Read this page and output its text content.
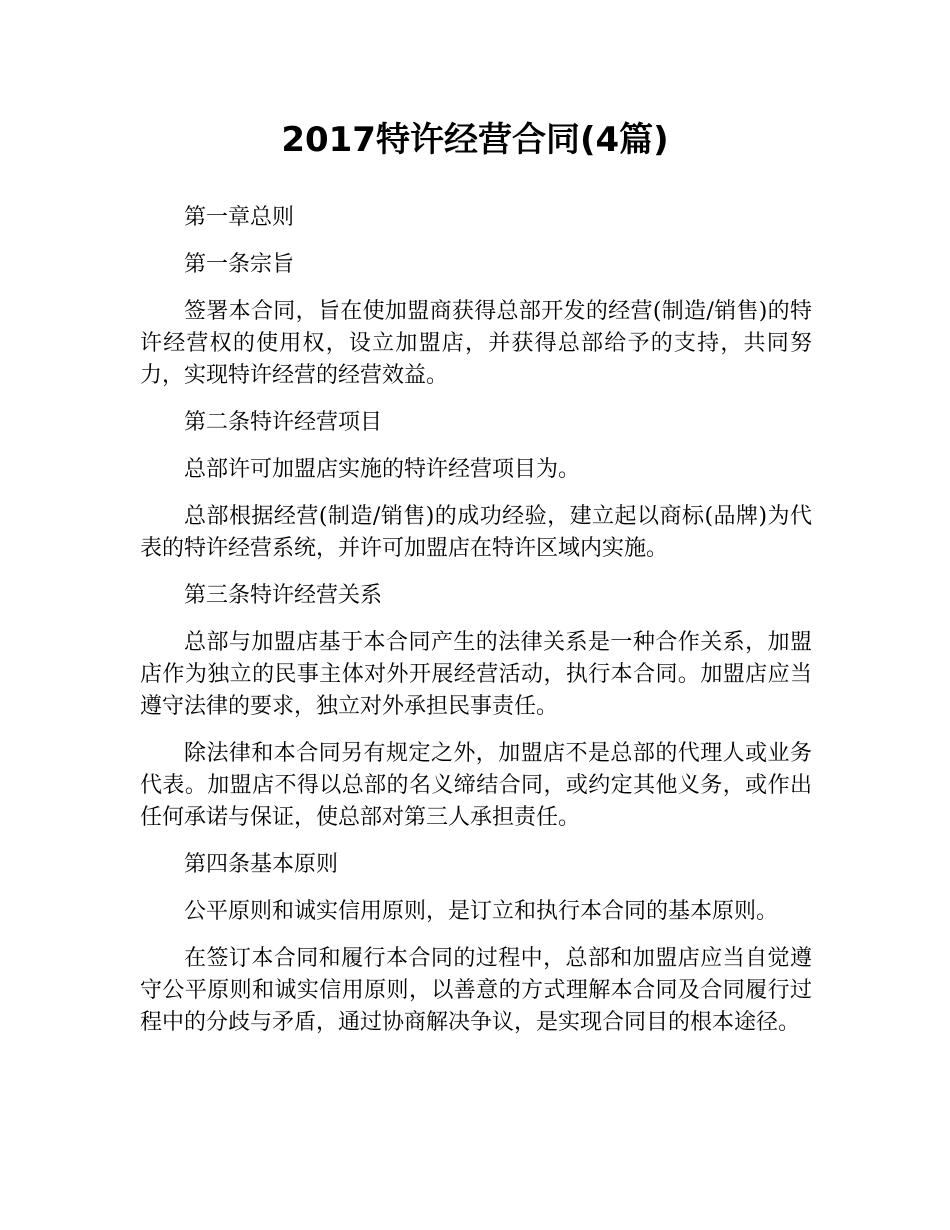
2017特许经营合同(4篇)

第一章总则

第一条宗旨

签署本合同，旨在使加盟商获得总部开发的经营(制造/销售)的特许经营权的使用权，设立加盟店，并获得总部给予的支持，共同努力，实现特许经营的经营效益。

第二条特许经营项目

总部许可加盟店实施的特许经营项目为。

总部根据经营(制造/销售)的成功经验，建立起以商标(品牌)为代表的特许经营系统，并许可加盟店在特许区域内实施。

第三条特许经营关系

总部与加盟店基于本合同产生的法律关系是一种合作关系，加盟店作为独立的民事主体对外开展经营活动，执行本合同。加盟店应当遵守法律的要求，独立对外承担民事责任。

除法律和本合同另有规定之外，加盟店不是总部的代理人或业务代表。加盟店不得以总部的名义缔结合同，或约定其他义务，或作出任何承诺与保证，使总部对第三人承担责任。

第四条基本原则

公平原则和诚实信用原则，是订立和执行本合同的基本原则。

在签订本合同和履行本合同的过程中，总部和加盟店应当自觉遵守公平原则和诚实信用原则，以善意的方式理解本合同及合同履行过程中的分歧与矛盾，通过协商解决争议，是实现合同目的根本途径。
